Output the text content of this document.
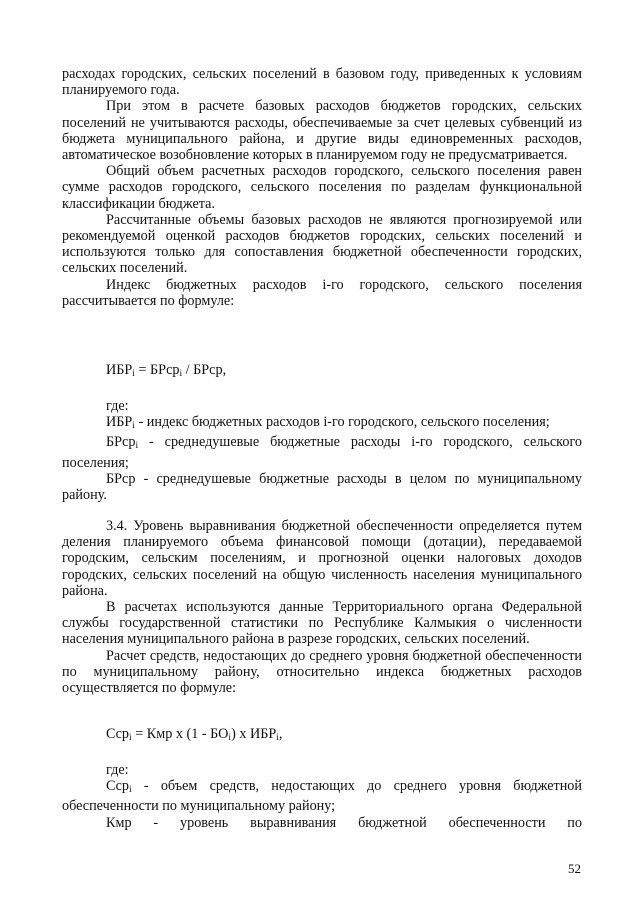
расходах городских, сельских поселений в базовом году, приведенных к условиям планируемого года.

При этом в расчете базовых расходов бюджетов городских, сельских поселений не учитываются расходы, обеспечиваемые за счет целевых субвенций из бюджета муниципального района, и другие виды единовременных расходов, автоматическое возобновление которых в планируемом году не предусматривается.

Общий объем расчетных расходов городского, сельского поселения равен сумме расходов городского, сельского поселения по разделам функциональной классификации бюджета.

Рассчитанные объемы базовых расходов не являются прогнозируемой или рекомендуемой оценкой расходов бюджетов городских, сельских поселений и используются только для сопоставления бюджетной обеспеченности городских, сельских поселений.

Индекс бюджетных расходов i-го городского, сельского поселения рассчитывается по формуле:

$ИБР_i$ = БРср$_i$ / БРср,

где:

$ИБР_i$ - индекс бюджетных расходов i-го городского, сельского поселения;

БРср$_i$ - среднедушевые бюджетные расходы i-го городского, сельского поселения;

БРср - среднедушевые бюджетные расходы в целом по муниципальному району.

3.4. Уровень выравнивания бюджетной обеспеченности определяется путем деления планируемого объема финансовой помощи (дотации), передаваемой городским, сельским поселениям, и прогнозной оценки налоговых доходов городских, сельских поселений на общую численность населения муниципального района.

В расчетах используются данные Территориального органа Федеральной службы государственной статистики по Республике Калмыкия о численности населения муниципального района в разрезе городских, сельских поселений.

Расчет средств, недостающих до среднего уровня бюджетной обеспеченности по муниципальному району, относительно индекса бюджетных расходов осуществляется по формуле:

Сср$_i$ = Кмр х $(1 - БО_i)$ х $ИБР_i$,

где:

Сср$_i$ - объем средств, недостающих до среднего уровня бюджетной обеспеченности по муниципальному району;

Кмр - уровень выравнивания бюджетной обеспеченности по

52
